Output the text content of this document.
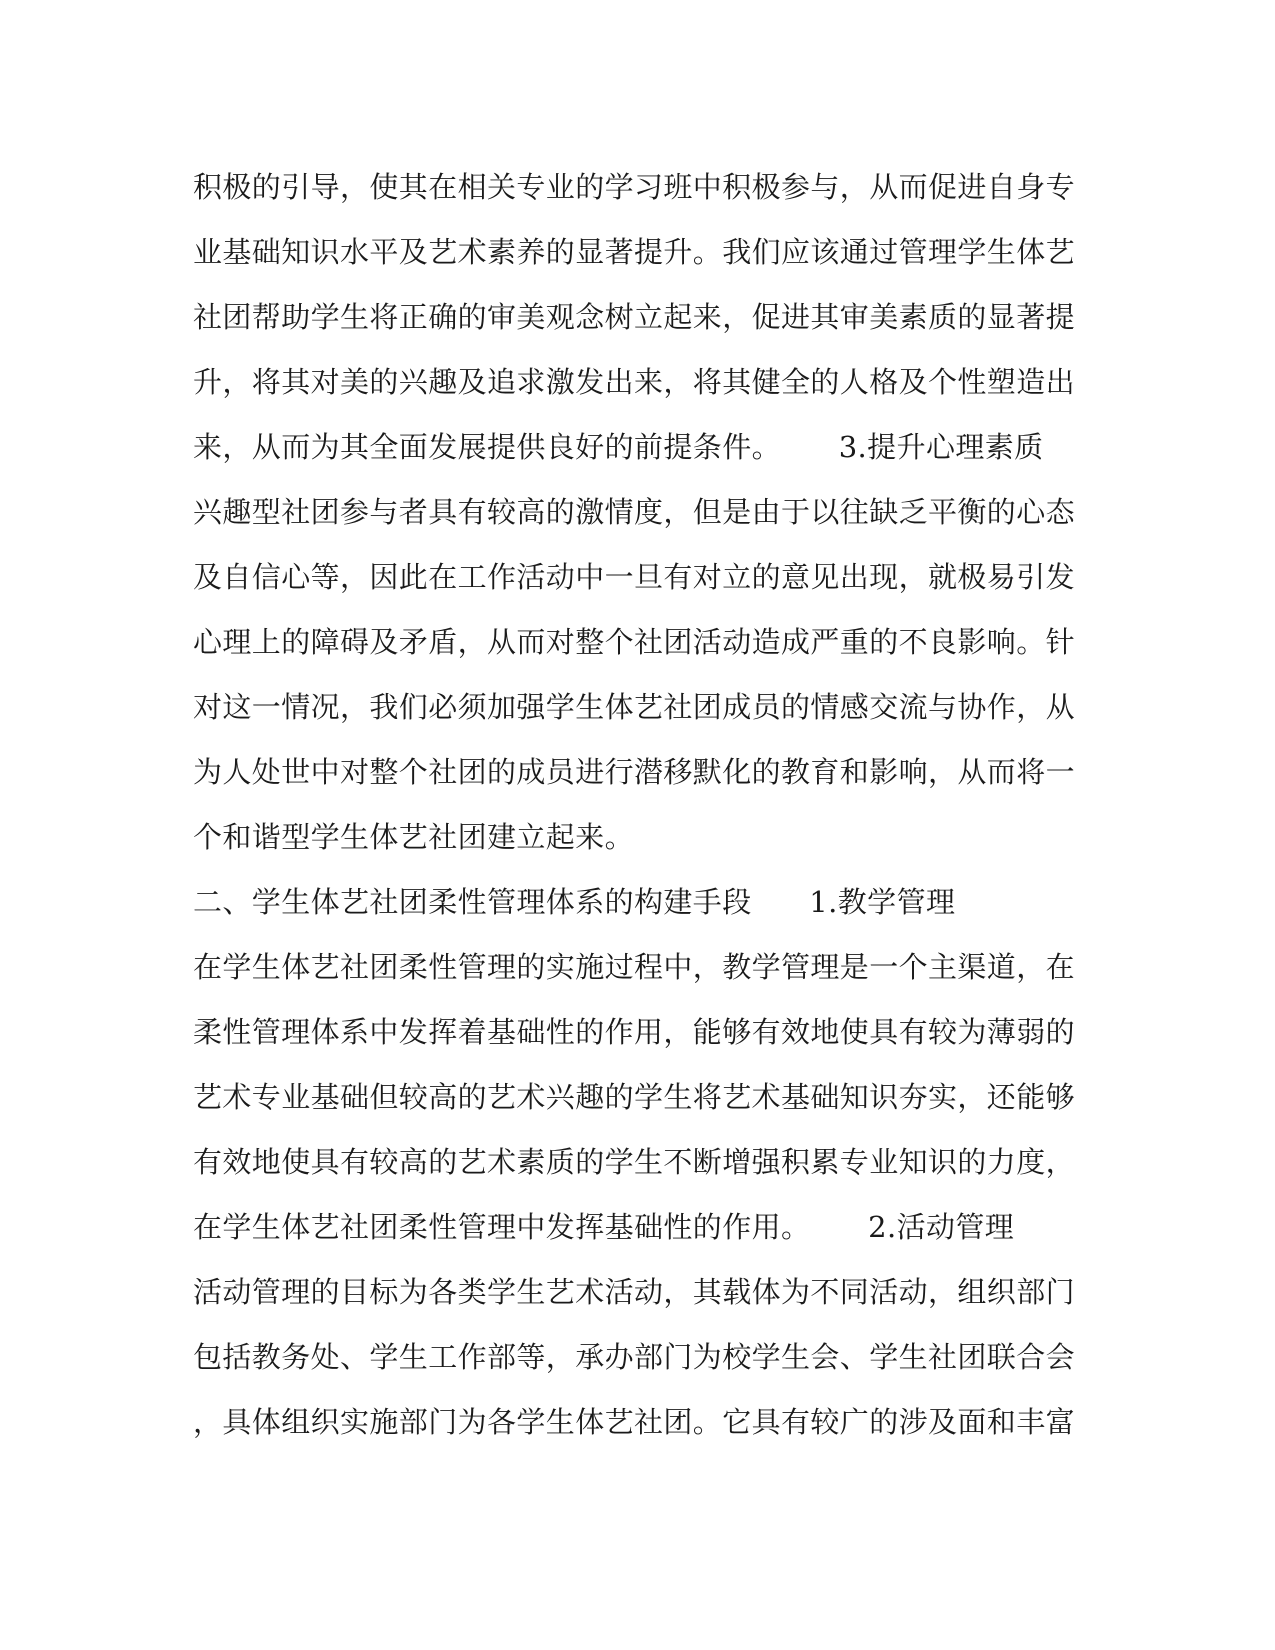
积极的引导，使其在相关专业的学习班中积极参与，从而促进自身专
业基础知识水平及艺术素养的显著提升。我们应该通过管理学生体艺
社团帮助学生将正确的审美观念树立起来，促进其审美素质的显著提
升，将其对美的兴趣及追求激发出来，将其健全的人格及个性塑造出
来，从而为其全面发展提供良好的前提条件。      3.提升心理素质
兴趣型社团参与者具有较高的激情度，但是由于以往缺乏平衡的心态
及自信心等，因此在工作活动中一旦有对立的意见出现，就极易引发
心理上的障碍及矛盾，从而对整个社团活动造成严重的不良影响。针
对这一情况，我们必须加强学生体艺社团成员的情感交流与协作，从
为人处世中对整个社团的成员进行潜移默化的教育和影响，从而将一
个和谐型学生体艺社团建立起来。
二、学生体艺社团柔性管理体系的构建手段      1.教学管理
在学生体艺社团柔性管理的实施过程中，教学管理是一个主渠道，在
柔性管理体系中发挥着基础性的作用，能够有效地使具有较为薄弱的
艺术专业基础但较高的艺术兴趣的学生将艺术基础知识夯实，还能够
有效地使具有较高的艺术素质的学生不断增强积累专业知识的力度，
在学生体艺社团柔性管理中发挥基础性的作用。      2.活动管理
活动管理的目标为各类学生艺术活动，其载体为不同活动，组织部门
包括教务处、学生工作部等，承办部门为校学生会、学生社团联合会
，具体组织实施部门为各学生体艺社团。它具有较广的涉及面和丰富
